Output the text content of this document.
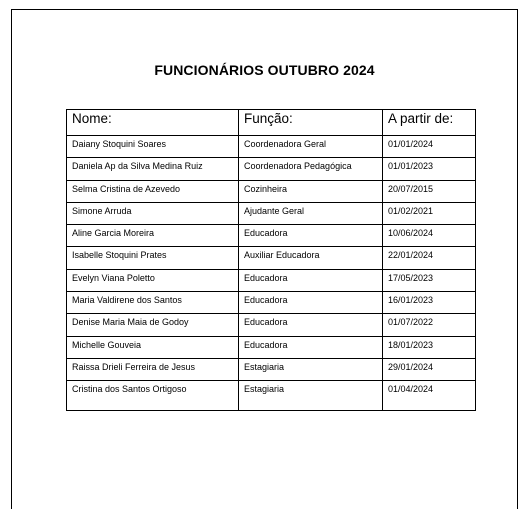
FUNCIONÁRIOS OUTUBRO 2024
Nome:	Função:	A partir de:
Daiany Stoquini Soares	Coordenadora Geral	01/01/2024
Daniela Ap da Silva Medina Ruiz	Coordenadora Pedagógica	01/01/2023
Selma Cristina de Azevedo	Cozinheira	20/07/2015
Simone Arruda	Ajudante Geral	01/02/2021
Aline Garcia Moreira	Educadora	10/06/2024
Isabelle Stoquini Prates	Auxiliar Educadora	22/01/2024
Evelyn Viana Poletto	Educadora	17/05/2023
Maria Valdirene dos Santos	Educadora	16/01/2023
Denise Maria Maia de Godoy	Educadora	01/07/2022
Michelle Gouveia	Educadora	18/01/2023
Raissa Drieli Ferreira de Jesus	Estagiaria	29/01/2024
Cristina dos Santos Ortigoso	Estagiaria	01/04/2024
